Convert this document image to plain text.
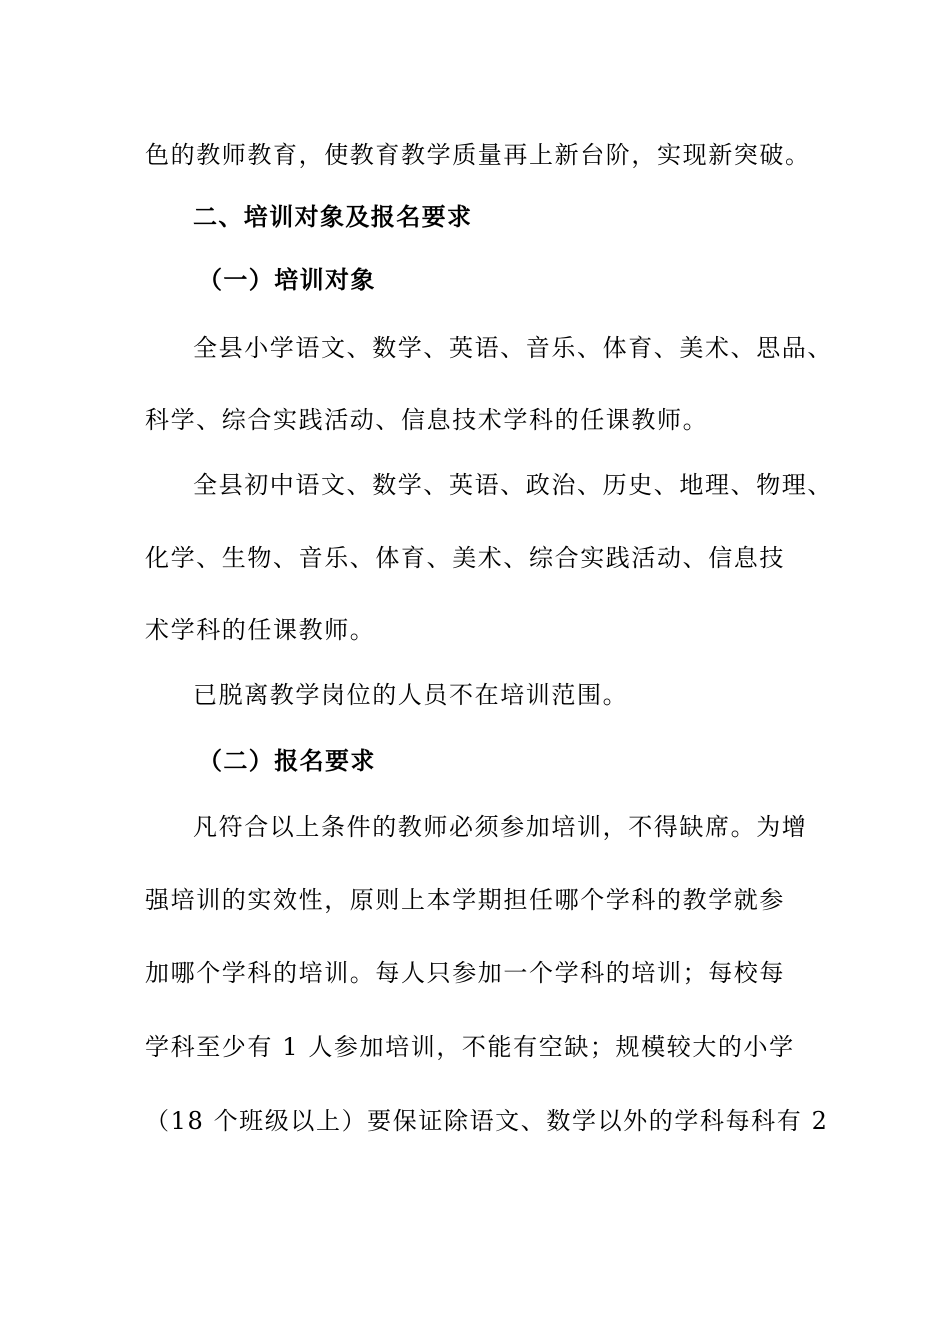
色的教师教育，使教育教学质量再上新台阶，实现新突破。
二、培训对象及报名要求
（一）培训对象
全县小学语文、数学、英语、音乐、体育、美术、思品、
科学、综合实践活动、信息技术学科的任课教师。
全县初中语文、数学、英语、政治、历史、地理、物理、
化学、生物、音乐、体育、美术、综合实践活动、信息技
术学科的任课教师。
已脱离教学岗位的人员不在培训范围。
（二）报名要求
凡符合以上条件的教师必须参加培训，不得缺席。为增
强培训的实效性，原则上本学期担任哪个学科的教学就参
加哪个学科的培训。每人只参加一个学科的培训；每校每
学科至少有 1 人参加培训，不能有空缺；规模较大的小学
（18 个班级以上）要保证除语文、数学以外的学科每科有 2
